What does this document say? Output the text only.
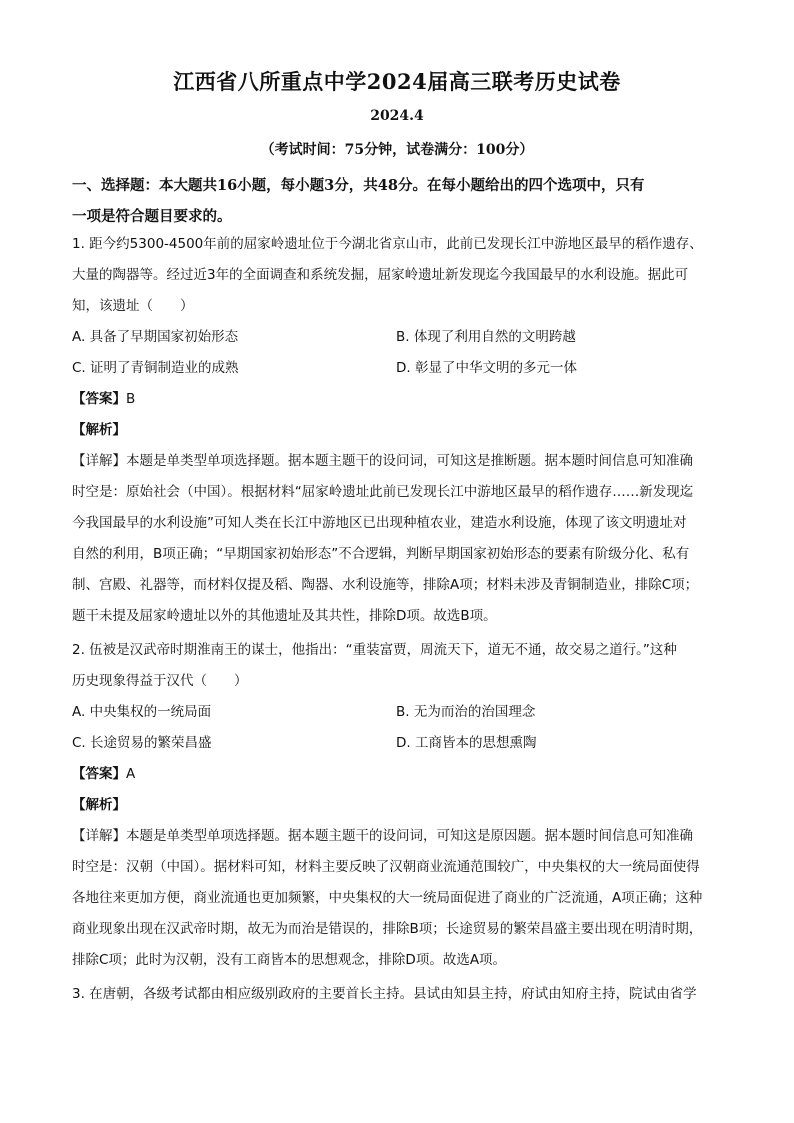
江西省八所重点中学2024届高三联考历史试卷
2024.4
（考试时间：75分钟，试卷满分：100分）
一、选择题：本大题共16小题，每小题3分，共48分。在每小题给出的四个选项中，只有
一项是符合题目要求的。
1. 距今约5300-4500年前的屈家岭遗址位于今湖北省京山市，此前已发现长江中游地区最早的稻作遗存、
大量的陶器等。经过近3年的全面调查和系统发掘，屈家岭遗址新发现迄今我国最早的水利设施。据此可
知，该遗址（　　）
A. 具备了早期国家初始形态	B. 体现了利用自然的文明跨越
C. 证明了青铜制造业的成熟	D. 彰显了中华文明的多元一体
【答案】B
【解析】
【详解】本题是单类型单项选择题。据本题主题干的设问词，可知这是推断题。据本题时间信息可知准确
时空是：原始社会（中国）。根据材料“屈家岭遗址此前已发现长江中游地区最早的稻作遗存……新发现迄
今我国最早的水利设施”可知人类在长江中游地区已出现种植农业，建造水利设施，体现了该文明遗址对
自然的利用，B项正确；“早期国家初始形态”不合逻辑，判断早期国家初始形态的要素有阶级分化、私有
制、宫殿、礼器等，而材料仅提及稻、陶器、水利设施等，排除A项；材料未涉及青铜制造业，排除C项；
题干未提及屈家岭遗址以外的其他遗址及其共性，排除D项。故选B项。
2. 伍被是汉武帝时期淮南王的谋士，他指出：“重装富贾，周流天下，道无不通，故交易之道行。”这种
历史现象得益于汉代（　　）
A. 中央集权的一统局面	B. 无为而治的治国理念
C. 长途贸易的繁荣昌盛	D. 工商皆本的思想熏陶
【答案】A
【解析】
【详解】本题是单类型单项选择题。据本题主题干的设问词，可知这是原因题。据本题时间信息可知准确
时空是：汉朝（中国）。据材料可知，材料主要反映了汉朝商业流通范围较广，中央集权的大一统局面使得
各地往来更加方便，商业流通也更加频繁，中央集权的大一统局面促进了商业的广泛流通，A项正确；这种
商业现象出现在汉武帝时期，故无为而治是错误的，排除B项；长途贸易的繁荣昌盛主要出现在明清时期，
排除C项；此时为汉朝，没有工商皆本的思想观念，排除D项。故选A项。
3. 在唐朝，各级考试都由相应级别政府的主要首长主持。县试由知县主持，府试由知府主持，院试由省学
